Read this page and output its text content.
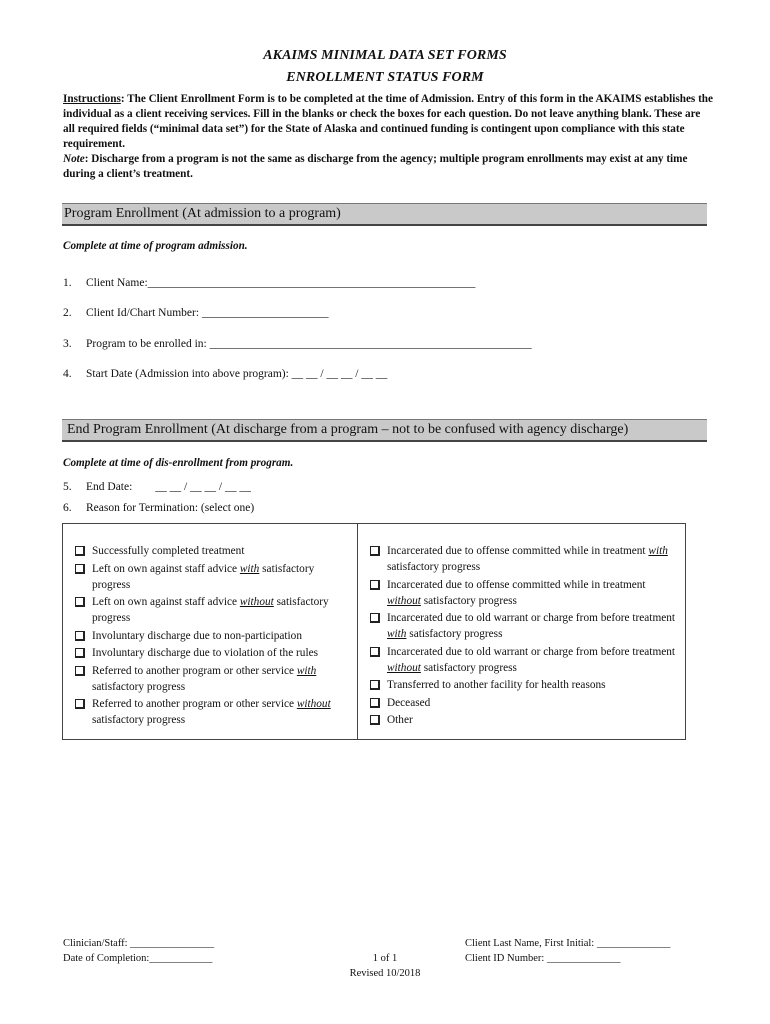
AKAIMS MINIMAL DATA SET FORMS
ENROLLMENT STATUS FORM
Instructions: The Client Enrollment Form is to be completed at the time of Admission. Entry of this form in the AKAIMS establishes the individual as a client receiving services. Fill in the blanks or check the boxes for each question. Do not leave anything blank. These are all required fields (“minimal data set”) for the State of Alaska and continued funding is contingent upon compliance with this state requirement.
Note: Discharge from a program is not the same as discharge from the agency; multiple program enrollments may exist at any time during a client’s treatment.
Program Enrollment (At admission to a program)
Complete at time of program admission.
1. Client Name:_________________________________________________________
2. Client Id/Chart Number: ______________________
3. Program to be enrolled in: ________________________________________________________
4. Start Date (Admission into above program): __ __ / __ __ / __ __
End Program Enrollment (At discharge from a program – not to be confused with agency discharge)
Complete at time of dis-enrollment from program.
5. End Date:        __ __ / __ __ / __ __
6. Reason for Termination: (select one)
Successfully completed treatment
Left on own against staff advice with satisfactory progress
Left on own against staff advice without satisfactory progress
Involuntary discharge due to non-participation
Involuntary discharge due to violation of the rules
Referred to another program or other service with satisfactory progress
Referred to another program or other service without satisfactory progress
Incarcerated due to offense committed while in treatment with satisfactory progress
Incarcerated due to offense committed while in treatment without satisfactory progress
Incarcerated due to old warrant or charge from before treatment with satisfactory progress
Incarcerated due to old warrant or charge from before treatment without satisfactory progress
Transferred to another facility for health reasons
Deceased
Other
Clinician/Staff: ________________
Date of Completion:____________	1 of 1
Revised 10/2018
Client Last Name, First Initial: ______________
Client ID Number: ______________
